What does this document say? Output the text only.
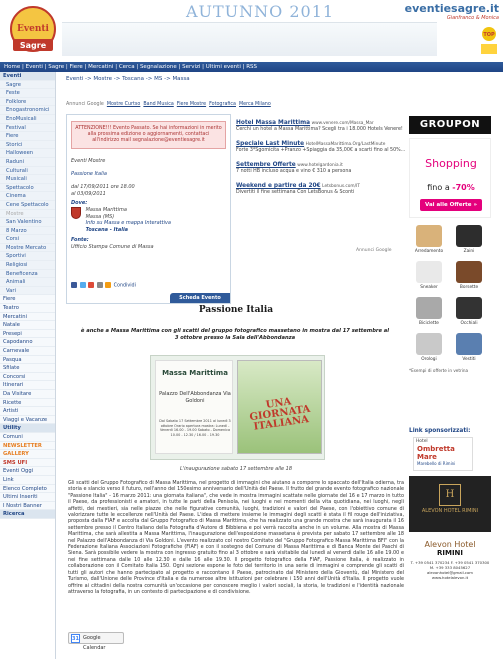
Eventi
Sagre
AUTUNNO 2011	eventiesagre.it
Gianfranco & Monica
TOP
Home | Eventi | Sagre | Fiere | Mercatini | Cerca | Segnalazione | Servizi | Ultimi eventi | RSS
Eventi
Sagre
Feste
Folklore
Enogastronomici
EnoMusicali
Festival
Fiere
Storici
Halloween
Raduni
Culturali
Musicali
Spettacolo
Cinema
Cene Spettacolo
Mostre
San Valentino
8 Marzo
Corsi
Mostre Mercato
Sportivi
Religiosi
Beneficenza
Animali
Vari
Fiere
Teatro
Mercatini
Natale
Presepi
Capodanno
Carnevale
Pasqua
Sfilate
Concorsi
Itinerari
Da Visitare
Ricette
Artisti
Viaggi e Vacanze
Utility
Comuni
NEWSLETTER
GALLERY
SMS UFI
Eventi Oggi
Link
Elenco Completo
Ultimi Inseriti
I Nostri Banner
Ricerca
Eventi -> Mostre -> Toscana -> MS -> Massa
Annunci Google Mostre Curtso Band Musica Fiere Mostre Fotografica Merca Milano
ATTENZIONE!!! Evento Passato. Se hai informazioni in merito alla prossima edizione o aggiornamenti, contattaci all'indirizzo mail segnalazione@eventiesagre.it
Eventi Mostre
Passione Italia
dal 17/09/2011 ore 18.00
al 03/09/2011
Dove:
Massa Marittima
Massa (MS)
Info su Massa e mappa Interattiva
Toscana - Italia
Fonte:
Ufficio Stampa Comune di Massa
Condividi
Scheda Evento
Hotel Massa Marittima www.venere.com/Massa_Mar
Cerchi un hotel a Massa Marittima? Scegli tra i 18.000 Hotels Venere!
Speciale Last Minute HotelMassaMarittima.Org/LastMinute
Forte 3*Sgomicita +Pranzo +Spiaggia da 35,00€ a scarti fino al 50%...
Settembre Offerte www.hotelgardonia.it
7 notti HB incluso acqua e vino € 310 a persona
Weekend e partire da 20€ Letsbonus.com/IT
Divertiti il fine settimana Con LetsBonus & Sconti
Annunci Google
Passione Italia
è anche a Massa Marittima con gli scatti del gruppo fotografico massetano in mostra dal 17 settembre al 3 ottobre presso la Sala dell'Abbondanza
Massa Marittima
Palazzo Dell'Abbondanza Via Goldoni
Dal Sabato 17 Settembre 2011 al lunedì 3 ottobre Orario apertura mostra: Lunedì - Venerdì 16.00 - 19.00 Sabato - Domenica 10.00 - 12.30 / 16.00 - 19.30
UNA GIORNATA ITALIANA
L'inaugurazione sabato 17 settembre alle 18
Gli scatti del Gruppo Fotografico di Massa Marittima, nel progetto di immagini che aiutano a comporre lo spaccato dell'Italia odierna, tra storia e slancio verso il futuro, nell'anno del 150esimo anniversario dell'Unità del Paese. Il frutto del grande evento fotografico nazionale "Passione Italia" - 16 marzo 2011: una giornata italiana", che vede in mostra immagini scattate nelle giornate del 16 e 17 marzo in tutto il Paese, da professionisti e amatori, in tutte le parti della Penisola, nei luoghi e nei momenti della vita quotidiana, nei luoghi, negli affetti, dei mestieri, sia nelle piazze che nelle figurative comunità, luoghi, tradizioni e valori del Paese, con l'obiettivo comune di valorizzare tutte le eccellenze nell'Unità del Paese. L'idea di mettere insieme le immagini degli scatti è stata il fil rouge dell'iniziativa, proposta dalla FIAF e accolta dal Gruppo Fotografico di Massa Marittima, che ha realizzato una grande mostra che sarà inaugurata il 16 settembre presso il Centro Italiano della Fotografia d'Autore di Bibbiena e poi verrà raccolta anche in un volume. Alla mostra di Massa Marittima, che sarà allestita a Massa Marittima, l'inaugurazione dell'esposizione massetana è prevista per sabato 17 settembre alle 18 nel Palazzo dell'Abbondanza di Via Goldoni. L'evento realizzato col nostro Comitato del "Gruppo Fotografico Massa Marittima BFI" con la Federazione Italiana Associazioni Fotografiche (FIAF) e con il sostegno del Comune di Massa Marittima e di Banca Monte dei Paschi di Siena. Sarà possibile vedere la mostra con ingresso gratuito fino al 3 ottobre e sarà visitabile dal lunedì al venerdì dalle 16 alle 19.00 e nei fine settimana dalle 10 alle 12.30 e dalle 16 alle 19.30. Il progetto fotografico della FIAF, Passione Italia, è realizzato in collaborazione con il Comitato Italia 150. Ogni sezione espone le foto del territorio in una serie di immagini e comprende gli scatti di tutti gli autori che hanno partecipato al progetto e raccontano il Paese, patrocinato dal Ministero della Gioventù, dal Ministero del Turismo, dall'Unione delle Province d'Italia e da numerose altre istituzioni per celebrare i 150 anni dell'Unità d'Italia. Il progetto vuole offrire ai cittadini della nostra comunità un'occasione per conoscere meglio i valori sociali, la storia, le tradizioni e l'identità nazionale attraverso la fotografia, in un contesto di partecipazione e di condivisione.
31 Google Calendar
GROUPON
Shopping
fino a -70%
Vai alle Offerte »
Arredamento	Zaini
Sneaker	Borsette
Biciclette	Occhiali
Orologi	Vestiti
*Esempi di offerte in vetrina
Link sponsorizzati:
Hotel
Ombretta Mare
Marebello di Rimini
H
ALEVON HOTEL RIMINI
Alevon Hotel
RIMINI
T. +39 0541 370234 F. +39 0541 370300 M. +39 333 8045627 alevonhotel@gmail.com www.hotelalevon.it
